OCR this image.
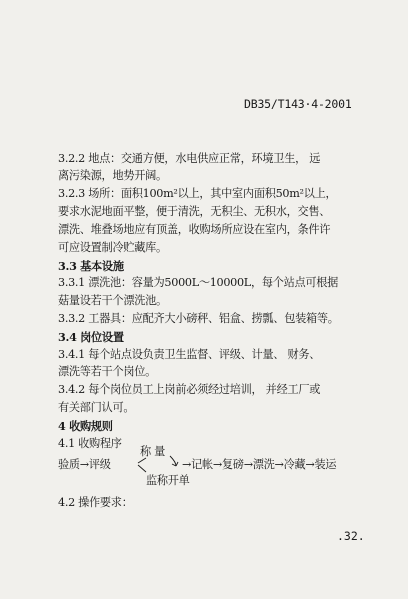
DB35/T143·4-2001
3.2.2 地点：交通方便，水电供应正常，环境卫生， 远
离污染源，地势开阔。
3.2.3 场所：面积100m²以上，其中室内面积50m²以上，
要求水泥地面平整，便于清洗，无积尘、无积水，交售、
漂洗、堆叠场地应有顶盖，收购场所应设在室内，条件许
可应设置制冷贮藏库。
3.3 基本设施
3.3.1 漂洗池：容量为5000L～10000L，每个站点可根据
菇量设若干个漂洗池。
3.3.2 工器具：应配齐大小磅秤、铝盒、捞瓢、包装箱等。
3.4 岗位设置
3.4.1 每个站点设负责卫生监督、评级、计量、 财务、
漂洗等若干个岗位。
3.4.2 每个岗位员工上岗前必须经过培训， 并经工厂或
有关部门认可。
4 收购规则
4.1 收购程序
称 量
验质→评级	→记帐→复磅→漂洗→冷藏→装运
监称开单
4.2 操作要求：
.32.
